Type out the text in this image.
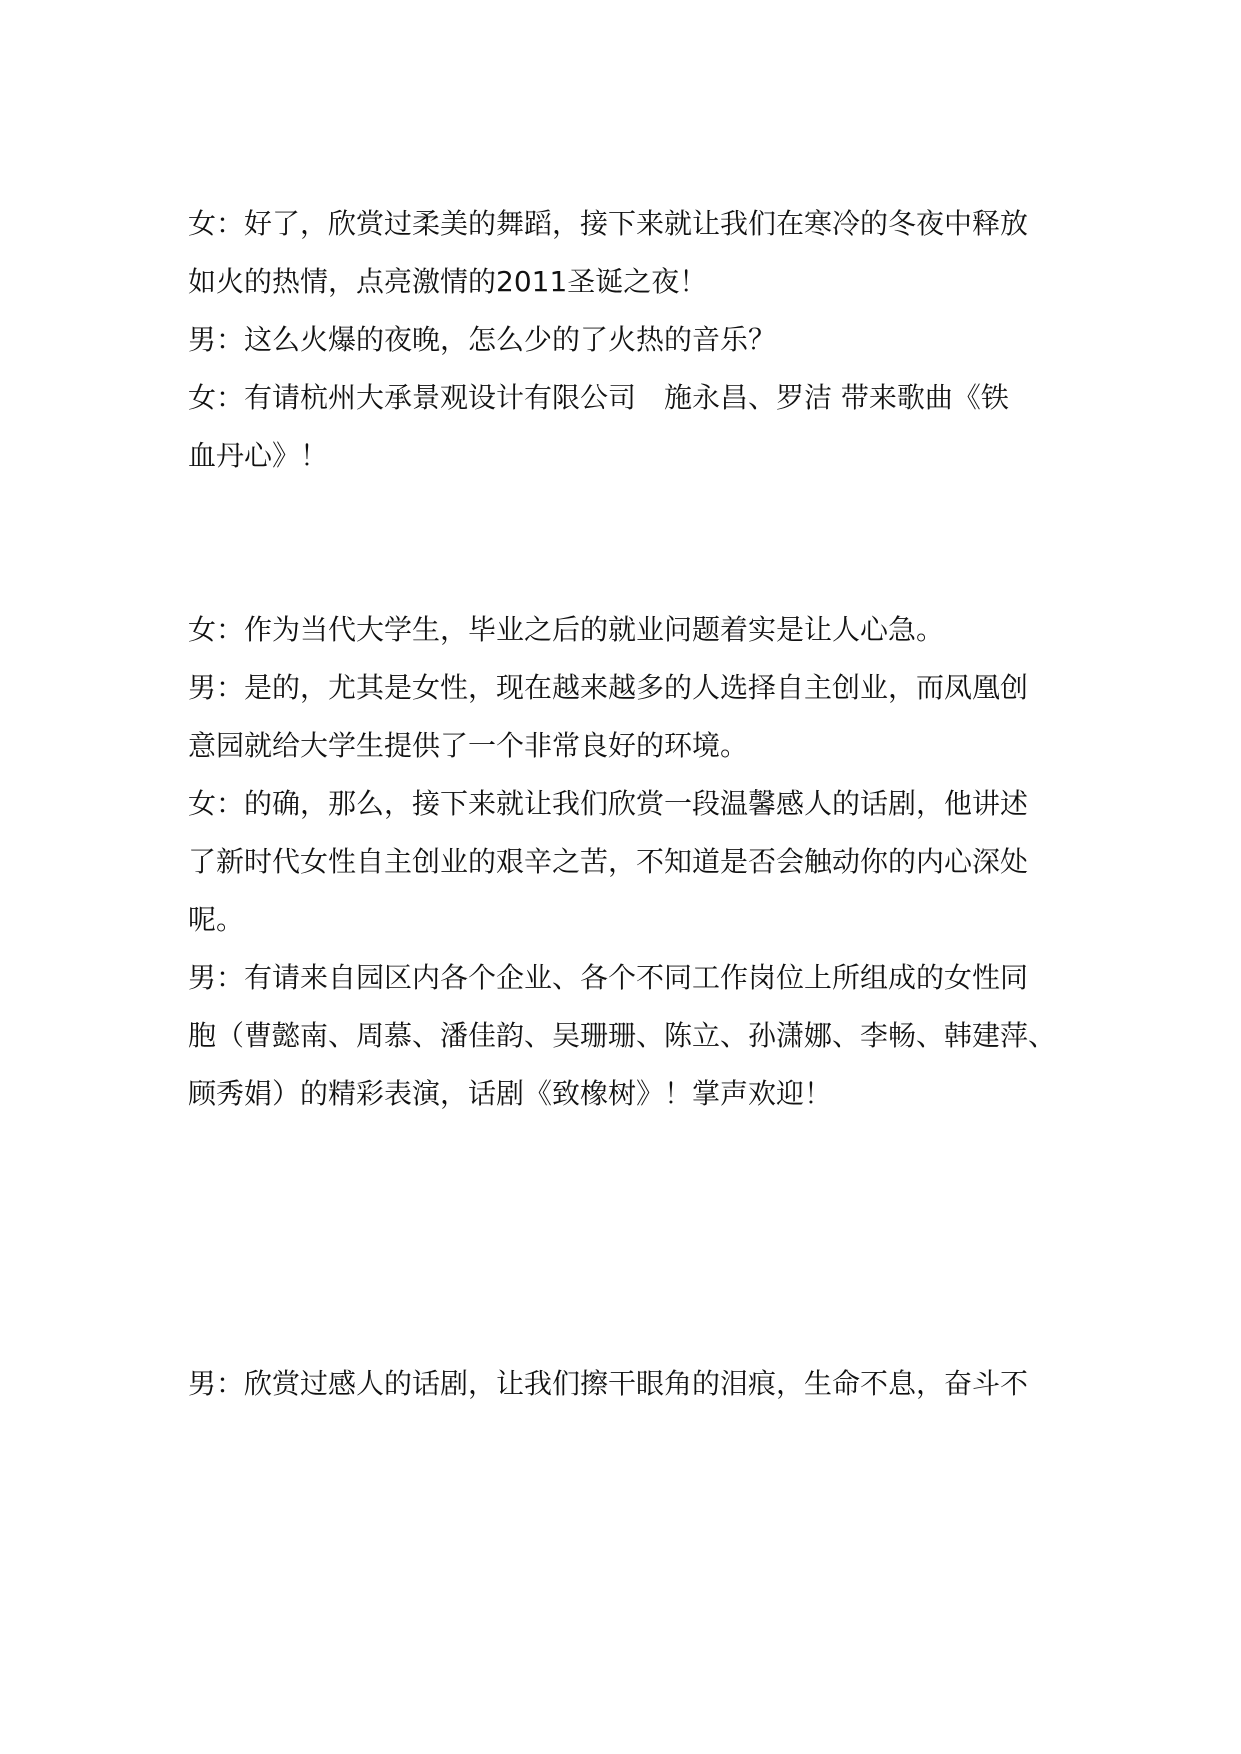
女：好了，欣赏过柔美的舞蹈，接下来就让我们在寒冷的冬夜中释放
如火的热情，点亮激情的2011圣诞之夜！
男：这么火爆的夜晚，怎么少的了火热的音乐？
女：有请杭州大承景观设计有限公司　施永昌、罗洁 带来歌曲《铁
血丹心》！
女：作为当代大学生，毕业之后的就业问题着实是让人心急。
男：是的，尤其是女性，现在越来越多的人选择自主创业，而凤凰创
意园就给大学生提供了一个非常良好的环境。
女：的确，那么，接下来就让我们欣赏一段温馨感人的话剧，他讲述
了新时代女性自主创业的艰辛之苦，不知道是否会触动你的内心深处
呢。
男：有请来自园区内各个企业、各个不同工作岗位上所组成的女性同
胞（曹懿南、周慕、潘佳韵、吴珊珊、陈立、孙潇娜、李畅、韩建萍、
顾秀娟）的精彩表演，话剧《致橡树》！掌声欢迎！
男：欣赏过感人的话剧，让我们擦干眼角的泪痕，生命不息，奋斗不
